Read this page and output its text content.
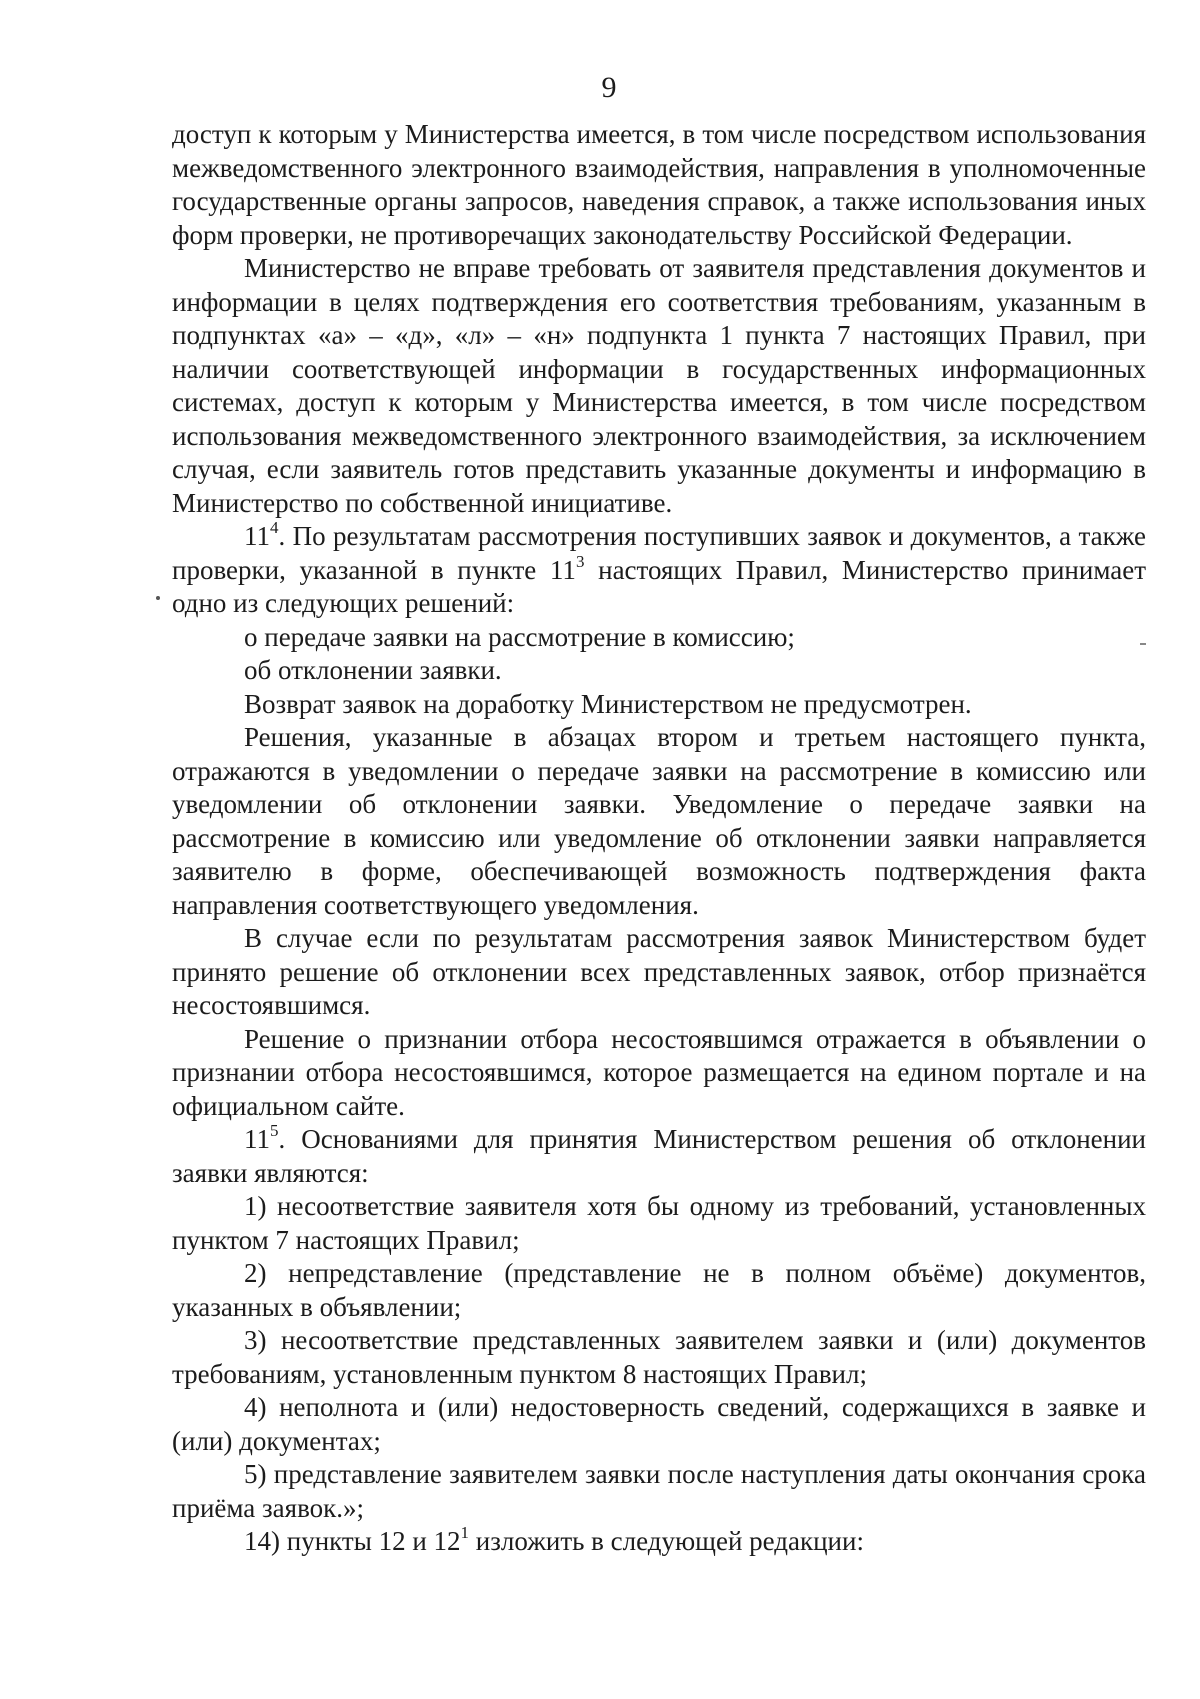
9

доступ к которым у Министерства имеется, в том числе посредством использования межведомственного электронного взаимодействия, направления в уполномоченные государственные органы запросов, наведения справок, а также использования иных форм проверки, не противоречащих законодательству Российской Федерации.

Министерство не вправе требовать от заявителя представления документов и информации в целях подтверждения его соответствия требованиям, указанным в подпунктах «а» – «д», «л» – «н» подпункта 1 пункта 7 настоящих Правил, при наличии соответствующей информации в государственных информационных системах, доступ к которым у Министерства имеется, в том числе посредством использования межведомственного электронного взаимодействия, за исключением случая, если заявитель готов представить указанные документы и информацию в Министерство по собственной инициативе.

$11^4$. По результатам рассмотрения поступивших заявок и документов, а также проверки, указанной в пункте $11^3$ настоящих Правил, Министерство принимает одно из следующих решений:

о передаче заявки на рассмотрение в комиссию;

об отклонении заявки.

Возврат заявок на доработку Министерством не предусмотрен.

Решения, указанные в абзацах втором и третьем настоящего пункта, отражаются в уведомлении о передаче заявки на рассмотрение в комиссию или уведомлении об отклонении заявки. Уведомление о передаче заявки на рассмотрение в комиссию или уведомление об отклонении заявки направляется заявителю в форме, обеспечивающей возможность подтверждения факта направления соответствующего уведомления.

В случае если по результатам рассмотрения заявок Министерством будет принято решение об отклонении всех представленных заявок, отбор признаётся несостоявшимся.

Решение о признании отбора несостоявшимся отражается в объявлении о признании отбора несостоявшимся, которое размещается на едином портале и на официальном сайте.

$11^5$. Основаниями для принятия Министерством решения об отклонении заявки являются:

1) несоответствие заявителя хотя бы одному из требований, установленных пунктом 7 настоящих Правил;

2) непредставление (представление не в полном объёме) документов, указанных в объявлении;

3) несоответствие представленных заявителем заявки и (или) документов требованиям, установленным пунктом 8 настоящих Правил;

4) неполнота и (или) недостоверность сведений, содержащихся в заявке и (или) документах;

5) представление заявителем заявки после наступления даты окончания срока приёма заявок.»;

14) пункты 12 и $12^1$ изложить в следующей редакции:
